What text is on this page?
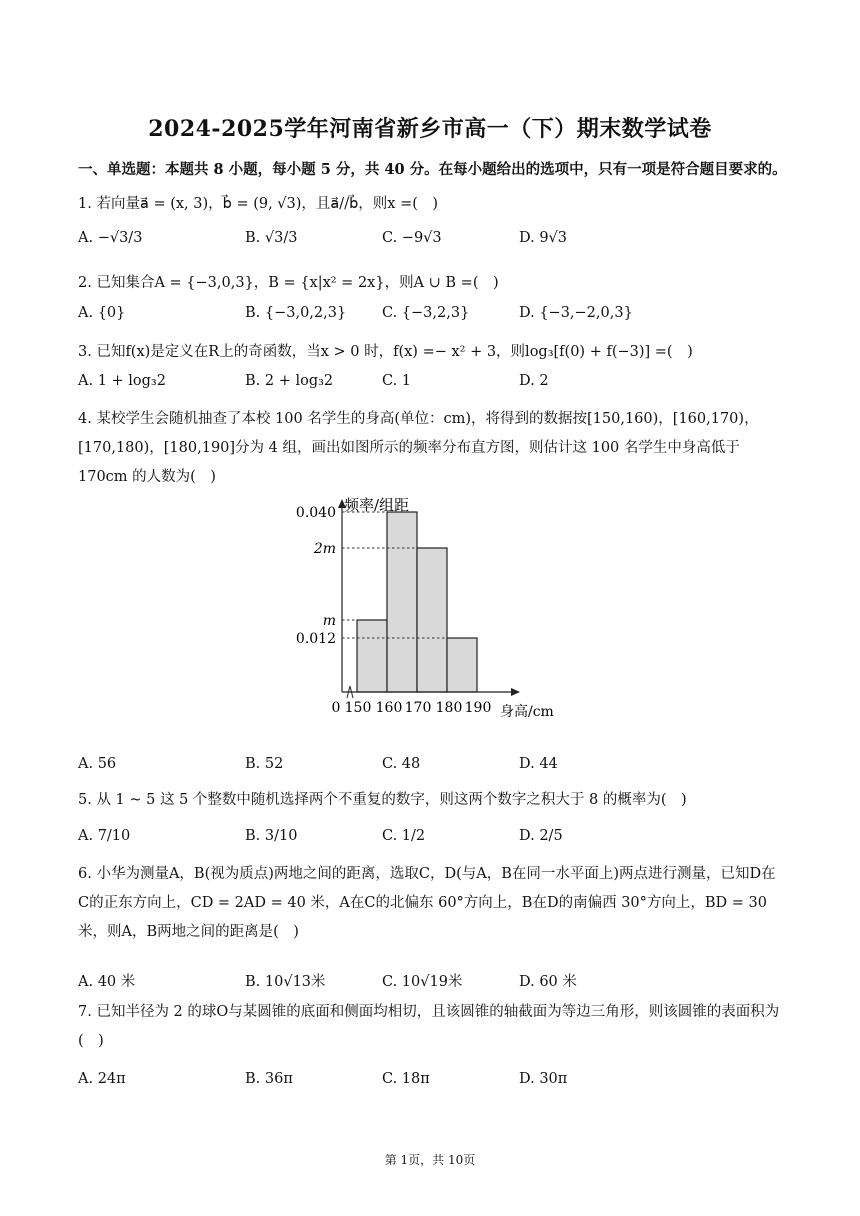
2024-2025学年河南省新乡市高一（下）期末数学试卷
一、单选题：本题共 8 小题，每小题 5 分，共 40 分。在每小题给出的选项中，只有一项是符合题目要求的。
1. 若向量a⃗ = (x, 3)，b⃗ = (9, √3)，且a⃗//b⃗，则x =(　)
A. −√3/3	B. √3/3	C. −9√3	D. 9√3
2. 已知集合A = {−3,0,3}，B = {x|x² = 2x}，则A ∪ B =(　)
A. {0}	B. {−3,0,2,3} C. {−3,2,3}	D. {−3,−2,0,3}
3. 已知f(x)是定义在R上的奇函数，当x > 0 时，f(x) =− x² + 3，则log₃[f(0) + f(−3)] =(　)
A. 1 + log₃2	B. 2 + log₃2	C. 1	D. 2
4. 某校学生会随机抽查了本校 100 名学生的身高(单位：cm)，将得到的数据按[150,160)，[160,170)，[170,180)，[180,190]分为 4 组，画出如图所示的频率分布直方图，则估计这 100 名学生中身高低于 170cm 的人数为(　)
频率/组距
身高/cm
0.040
2m
m
0.012
0 150 160 170 180 190
A. 56	B. 52	C. 48	D. 44
5. 从 1 ~ 5 这 5 个整数中随机选择两个不重复的数字，则这两个数字之积大于 8 的概率为(　)
A. 7/10	B. 3/10	C. 1/2	D. 2/5
6. 小华为测量A，B(视为质点)两地之间的距离，选取C，D(与A，B在同一水平面上)两点进行测量，已知D在C的正东方向上，CD = 2AD = 40 米，A在C的北偏东 60°方向上，B在D的南偏西 30°方向上，BD = 30 米，则A，B两地之间的距离是(　)
A. 40 米	B. 10√13米	C. 10√19米	D. 60 米
7. 已知半径为 2 的球O与某圆锥的底面和侧面均相切，且该圆锥的轴截面为等边三角形，则该圆锥的表面积为(　)
A. 24π	B. 36π	C. 18π	D. 30π
第 1页，共 10页
